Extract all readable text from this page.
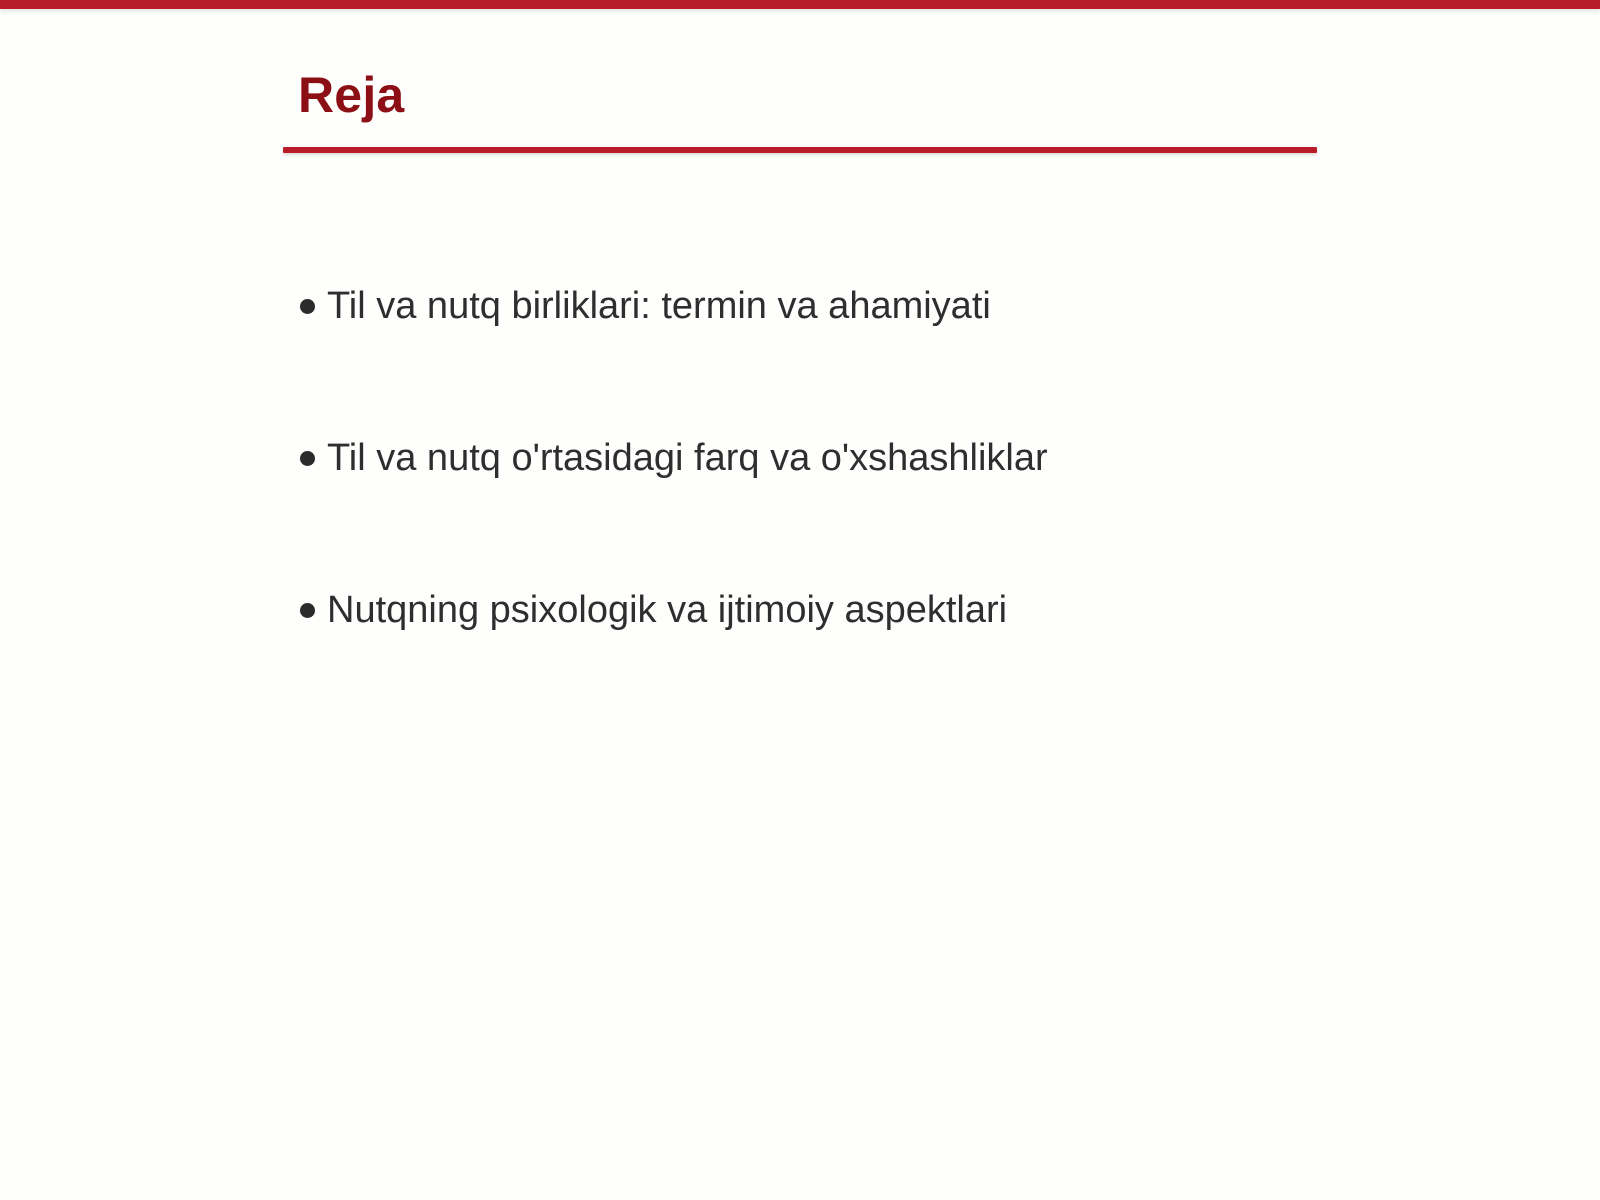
Reja
Til va nutq birliklari: termin va ahamiyati
Til va nutq o'rtasidagi farq va o'xshashliklar
Nutqning psixologik va ijtimoiy aspektlari
